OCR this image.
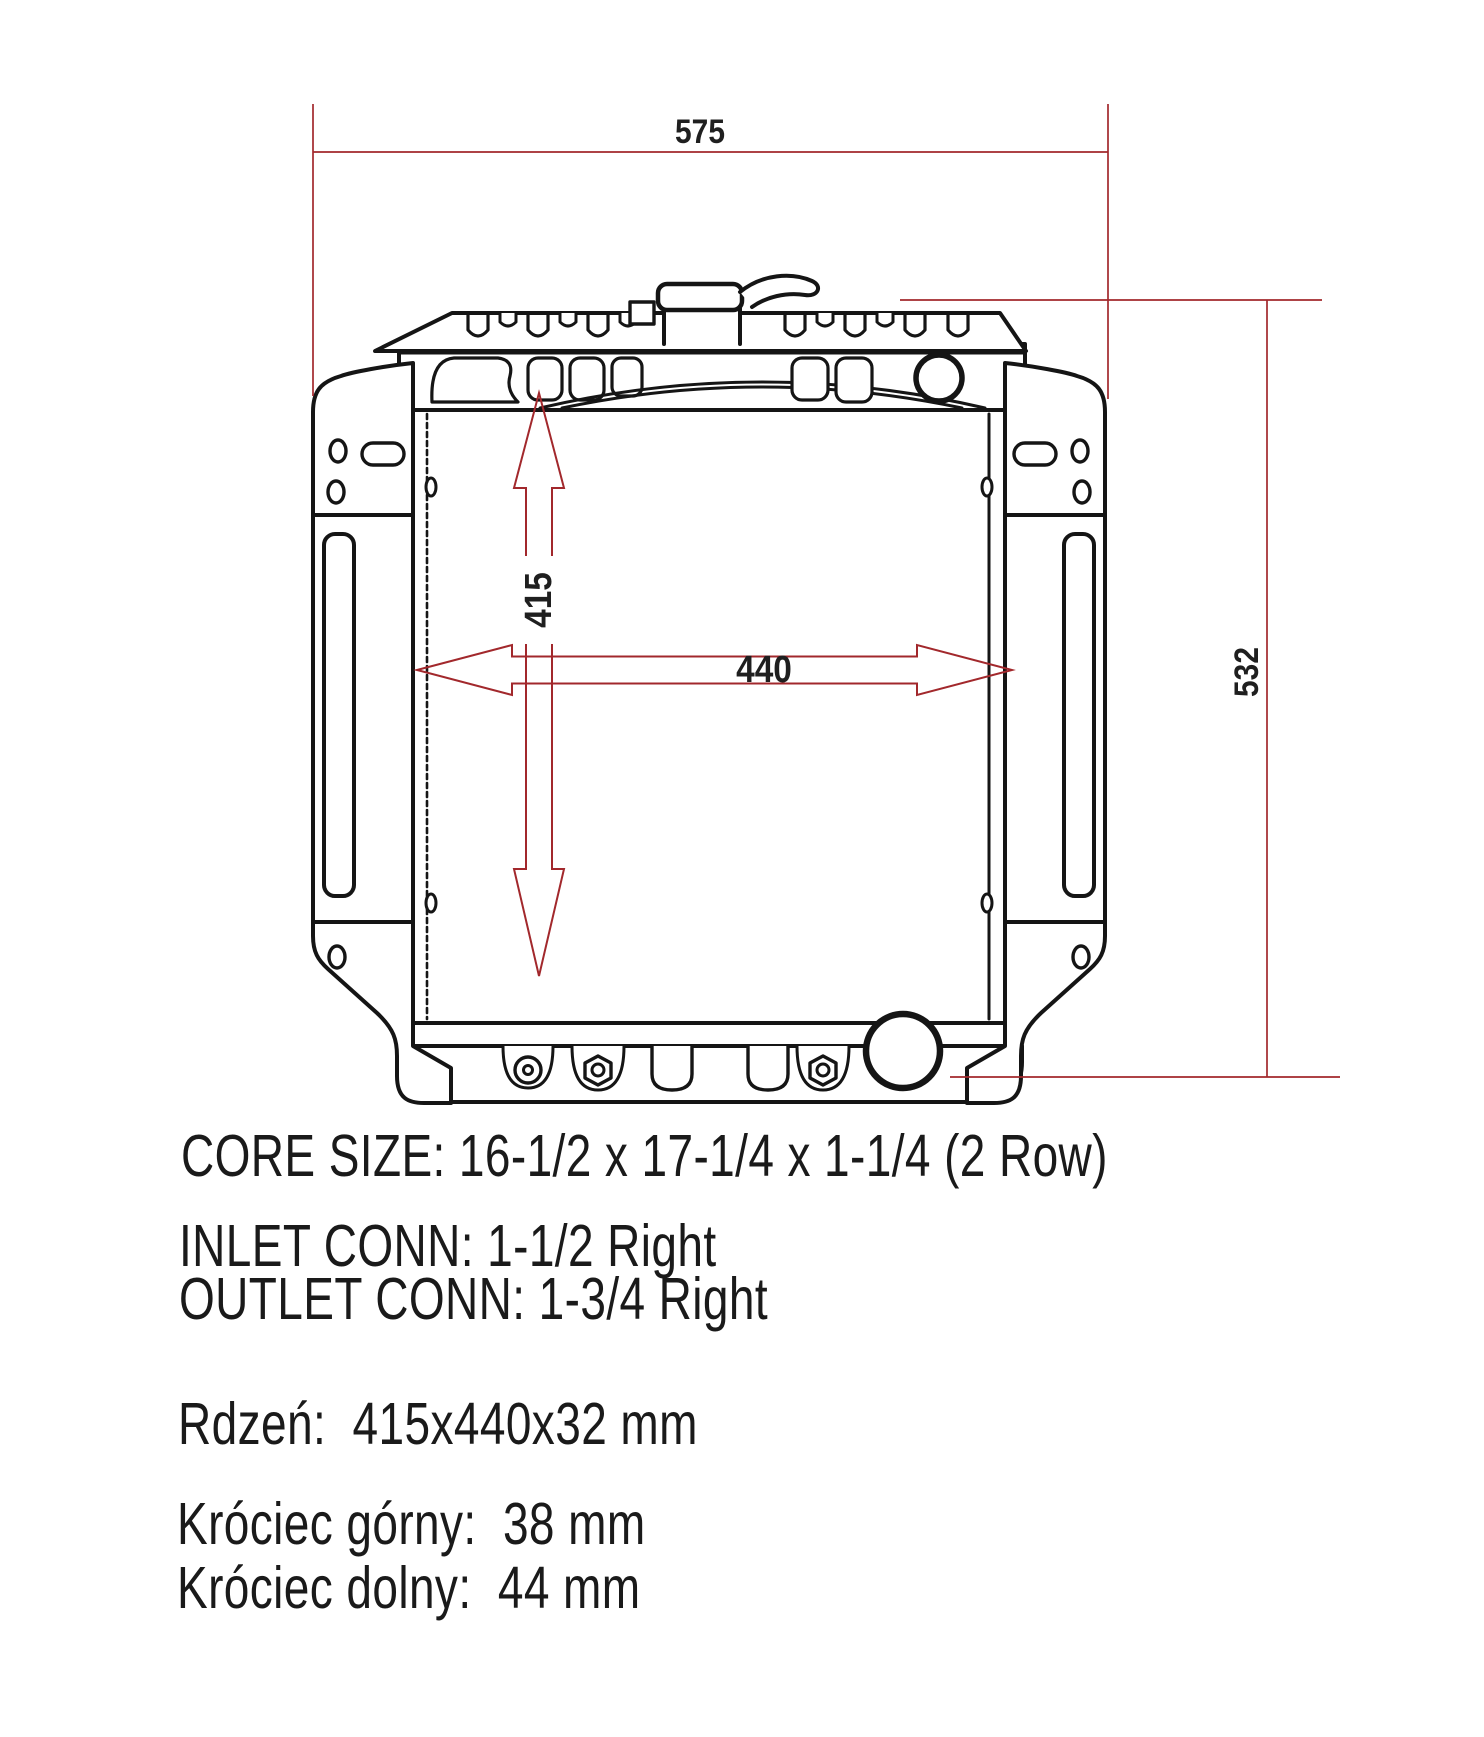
575
532
415
440
CORE SIZE: 16-1/2 x 17-1/4 x 1-1/4 (2 Row)
INLET CONN: 1-1/2 Right
OUTLET CONN: 1-3/4 Right
Rdzeń:  415x440x32 mm
Króciec górny:  38 mm
Króciec dolny:  44 mm
